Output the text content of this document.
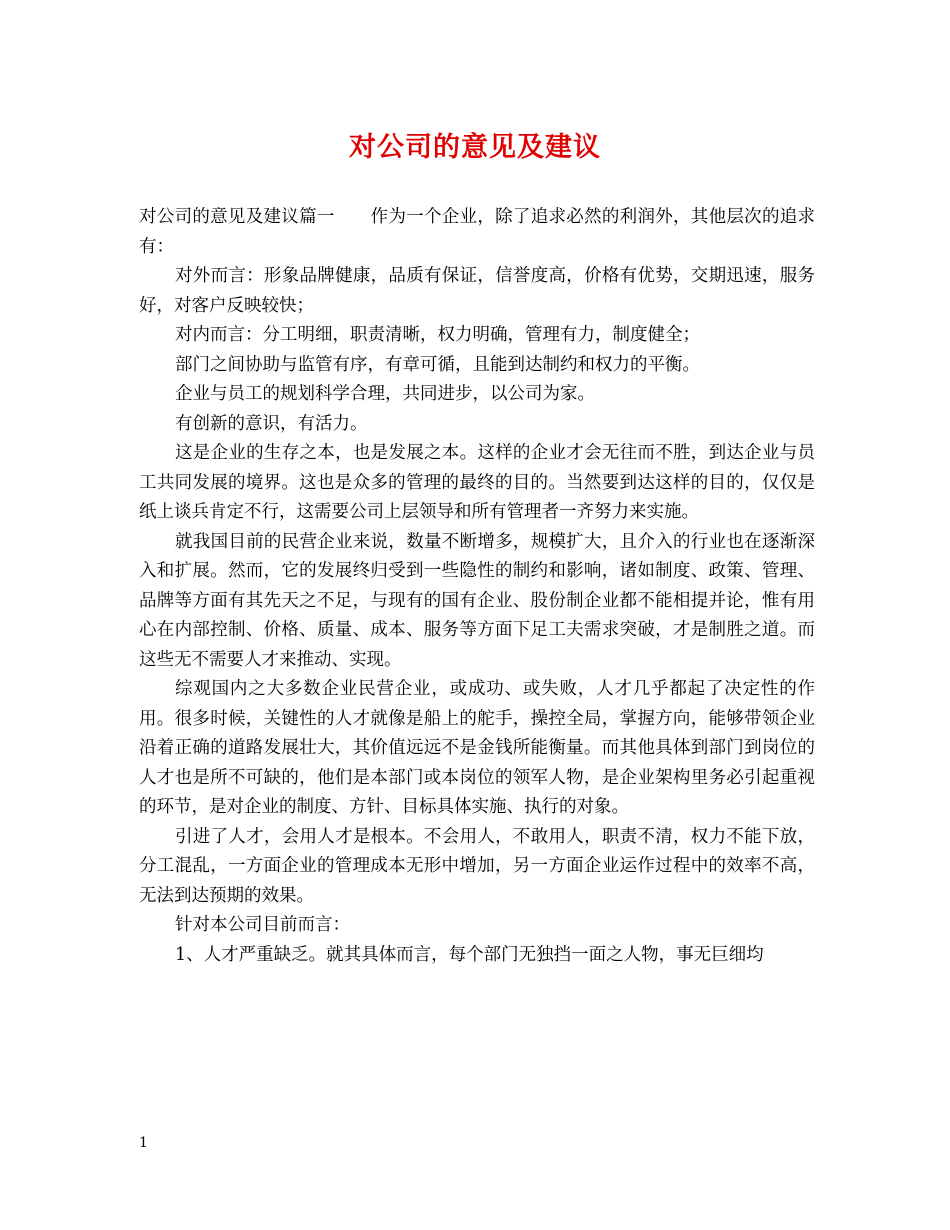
对公司的意见及建议

对公司的意见及建议篇一 作为一个企业，除了追求必然的利润外，其他层次的追求有：

对外而言：形象品牌健康，品质有保证，信誉度高，价格有优势，交期迅速，服务好，对客户反映较快；

对内而言：分工明细，职责清晰，权力明确，管理有力，制度健全；

部门之间协助与监管有序，有章可循，且能到达制约和权力的平衡。

企业与员工的规划科学合理，共同进步，以公司为家。

有创新的意识，有活力。

这是企业的生存之本，也是发展之本。这样的企业才会无往而不胜，到达企业与员工共同发展的境界。这也是众多的管理的最终的目的。当然要到达这样的目的，仅仅是纸上谈兵肯定不行，这需要公司上层领导和所有管理者一齐努力来实施。

就我国目前的民营企业来说，数量不断增多，规模扩大，且介入的行业也在逐渐深入和扩展。然而，它的发展终归受到一些隐性的制约和影响，诸如制度、政策、管理、品牌等方面有其先天之不足，与现有的国有企业、股份制企业都不能相提并论，惟有用心在内部控制、价格、质量、成本、服务等方面下足工夫需求突破，才是制胜之道。而这些无不需要人才来推动、实现。

综观国内之大多数企业民营企业，或成功、或失败，人才几乎都起了决定性的作用。很多时候，关键性的人才就像是船上的舵手，操控全局，掌握方向，能够带领企业沿着正确的道路发展壮大，其价值远远不是金钱所能衡量。而其他具体到部门到岗位的人才也是所不可缺的，他们是本部门或本岗位的领军人物，是企业架构里务必引起重视的环节，是对企业的制度、方针、目标具体实施、执行的对象。

引进了人才，会用人才是根本。不会用人，不敢用人，职责不清，权力不能下放，分工混乱，一方面企业的管理成本无形中增加，另一方面企业运作过程中的效率不高，无法到达预期的效果。

针对本公司目前而言：

1、人才严重缺乏。就其具体而言，每个部门无独挡一面之人物，事无巨细均

1
